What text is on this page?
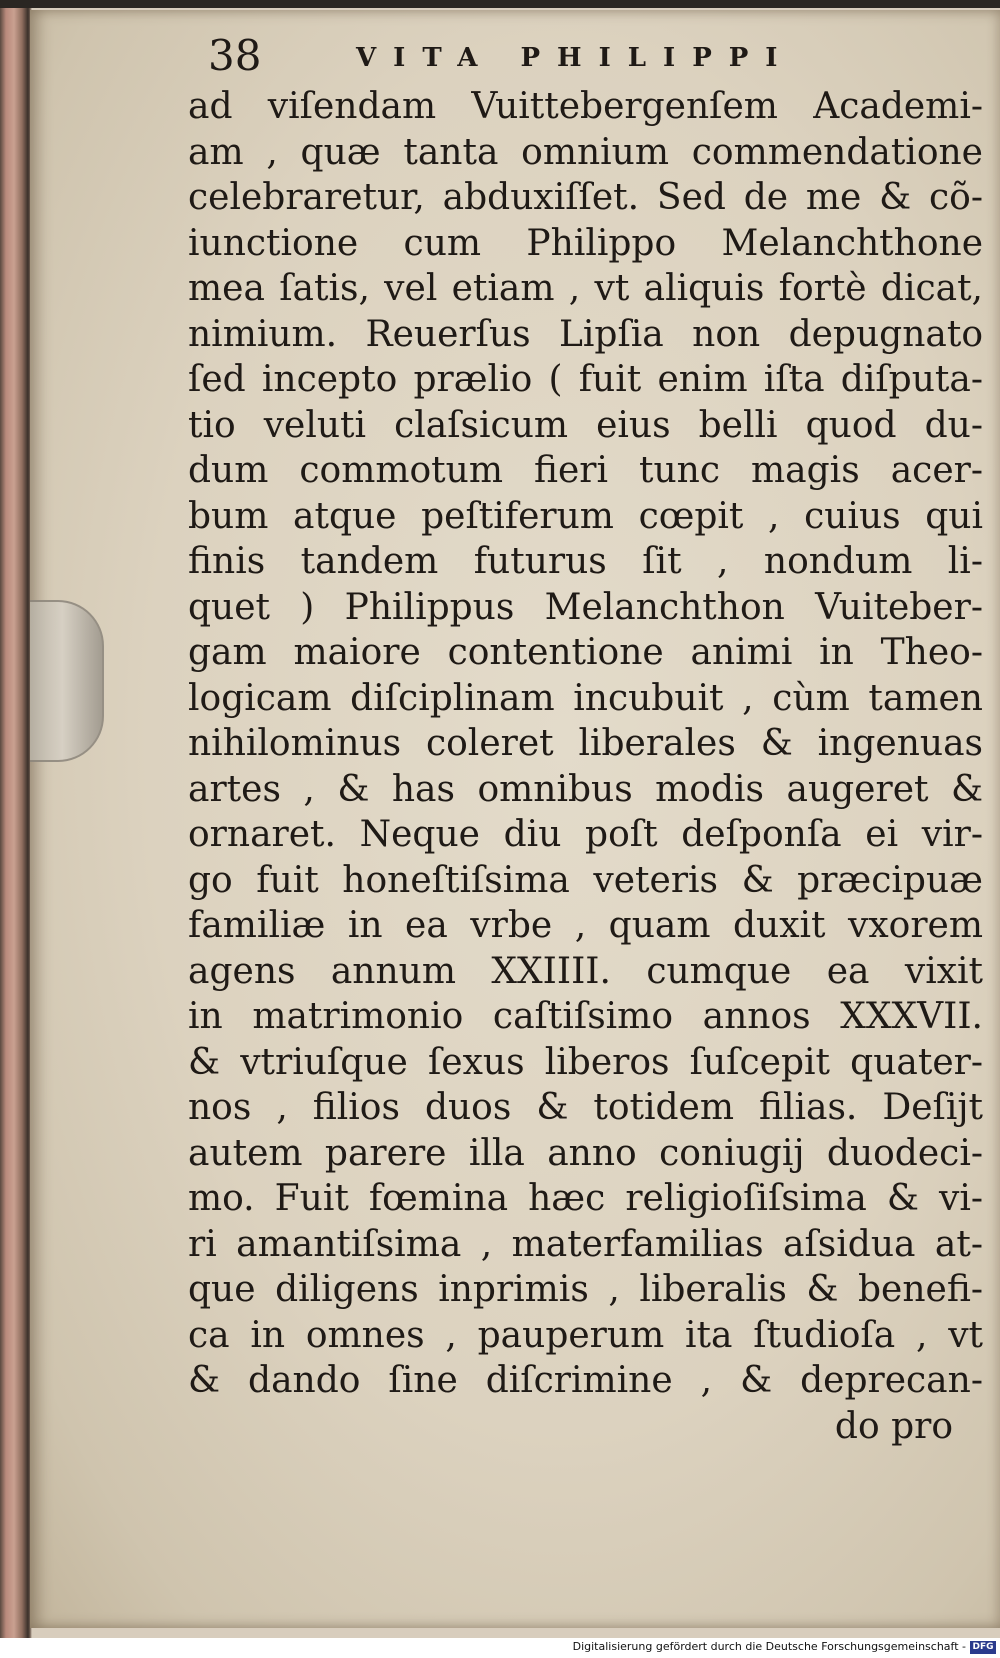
38	VITA PHILIPPI
ad viſendam Vuittebergenſem Academi-
am , quæ tanta omnium commendatione
celebraretur, abduxiſſet. Sed de me & cõ-
iunctione cum Philippo Melanchthone
mea ſatis, vel etiam , vt aliquis fortè dicat,
nimium. Reuerſus Lipſia non depugnato
ſed incepto prælio ( fuit enim iſta diſputa-
tio veluti claſsicum eius belli quod du-
dum commotum fieri tunc magis acer-
bum atque peſtiferum cœpit , cuius qui
finis tandem futurus ſit , nondum li-
quet ) Philippus Melanchthon Vuiteber-
gam maiore contentione animi in Theo-
logicam diſciplinam incubuit , cùm tamen
nihilominus coleret liberales & ingenuas
artes , & has omnibus modis augeret &
ornaret. Neque diu poſt deſponſa ei vir-
go fuit honeſtiſsima veteris & præcipuæ
familiæ in ea vrbe , quam duxit vxorem
agens annum XXIIII. cumque ea vixit
in matrimonio caſtiſsimo annos XXXVII.
& vtriuſque ſexus liberos ſuſcepit quater-
nos , filios duos & totidem filias. Deſijt
autem parere illa anno coniugij duodeci-
mo. Fuit fœmina hæc religioſiſsima & vi-
ri amantiſsima , materfamilias aſsidua at-
que diligens inprimis , liberalis & benefi-
ca in omnes , pauperum ita ſtudioſa , vt
& dando ſine diſcrimine , & deprecan-
do pro
Digitalisierung gefördert durch die Deutsche Forschungsgemeinschaft - DFG
